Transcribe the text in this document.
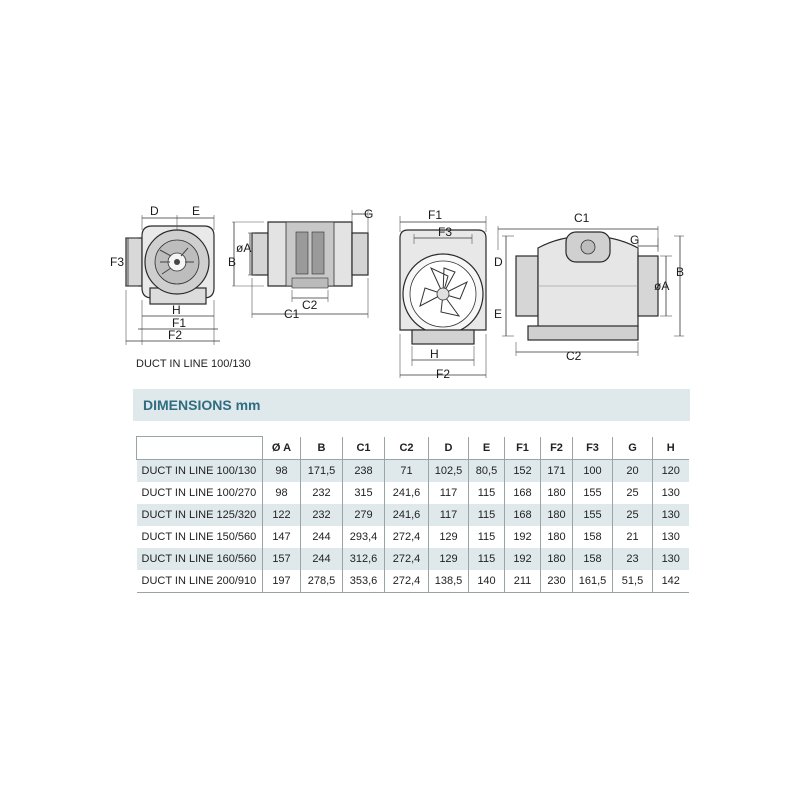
D	E
F3
H
F1
F2
øA
B
G
C2
C1
F1
F3
H
F2
C1
G
D
E
øA
B
C2
DUCT IN LINE 100/130
DIMENSIONS mm
	Ø A	B	C1	C2	D	E	F1	F2	F3	G	H
DUCT IN LINE 100/130	98	171,5	238	71	102,5	80,5	152	171	100	20	120
DUCT IN LINE 100/270	98	232	315	241,6	117	115	168	180	155	25	130
DUCT IN LINE 125/320	122	232	279	241,6	117	115	168	180	155	25	130
DUCT IN LINE 150/560	147	244	293,4	272,4	129	115	192	180	158	21	130
DUCT IN LINE 160/560	157	244	312,6	272,4	129	115	192	180	158	23	130
DUCT IN LINE 200/910	197	278,5	353,6	272,4	138,5	140	211	230	161,5	51,5	142
